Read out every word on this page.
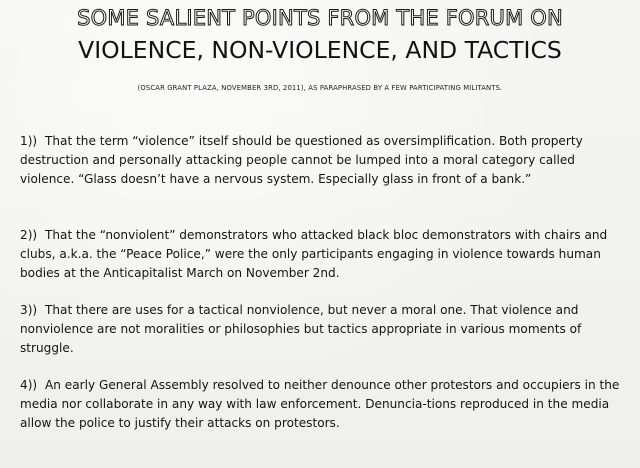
SOME SALIENT POINTS FROM THE FORUM ON
VIOLENCE, NON-VIOLENCE, AND TACTICS
(OSCAR GRANT PLAZA, NOVEMBER 3RD, 2011), AS PARAPHRASED BY A FEW PARTICIPATING MILITANTS.

1)) That the term “violence” itself should be questioned as oversimplification. Both property destruction and personally attacking people cannot be lumped into a moral category called violence. “Glass doesn’t have a nervous system. Especially glass in front of a bank.”

2)) That the “nonviolent” demonstrators who attacked black bloc demonstrators with chairs and clubs, a.k.a. the “Peace Police,” were the only participants engaging in violence towards human bodies at the Anticapitalist March on November 2nd.

3)) That there are uses for a tactical nonviolence, but never a moral one. That violence and nonviolence are not moralities or philosophies but tactics appropriate in various moments of struggle.

4)) An early General Assembly resolved to neither denounce other protestors and occupiers in the media nor collaborate in any way with law enforcement. Denuncia-tions reproduced in the media allow the police to justify their attacks on protestors.
